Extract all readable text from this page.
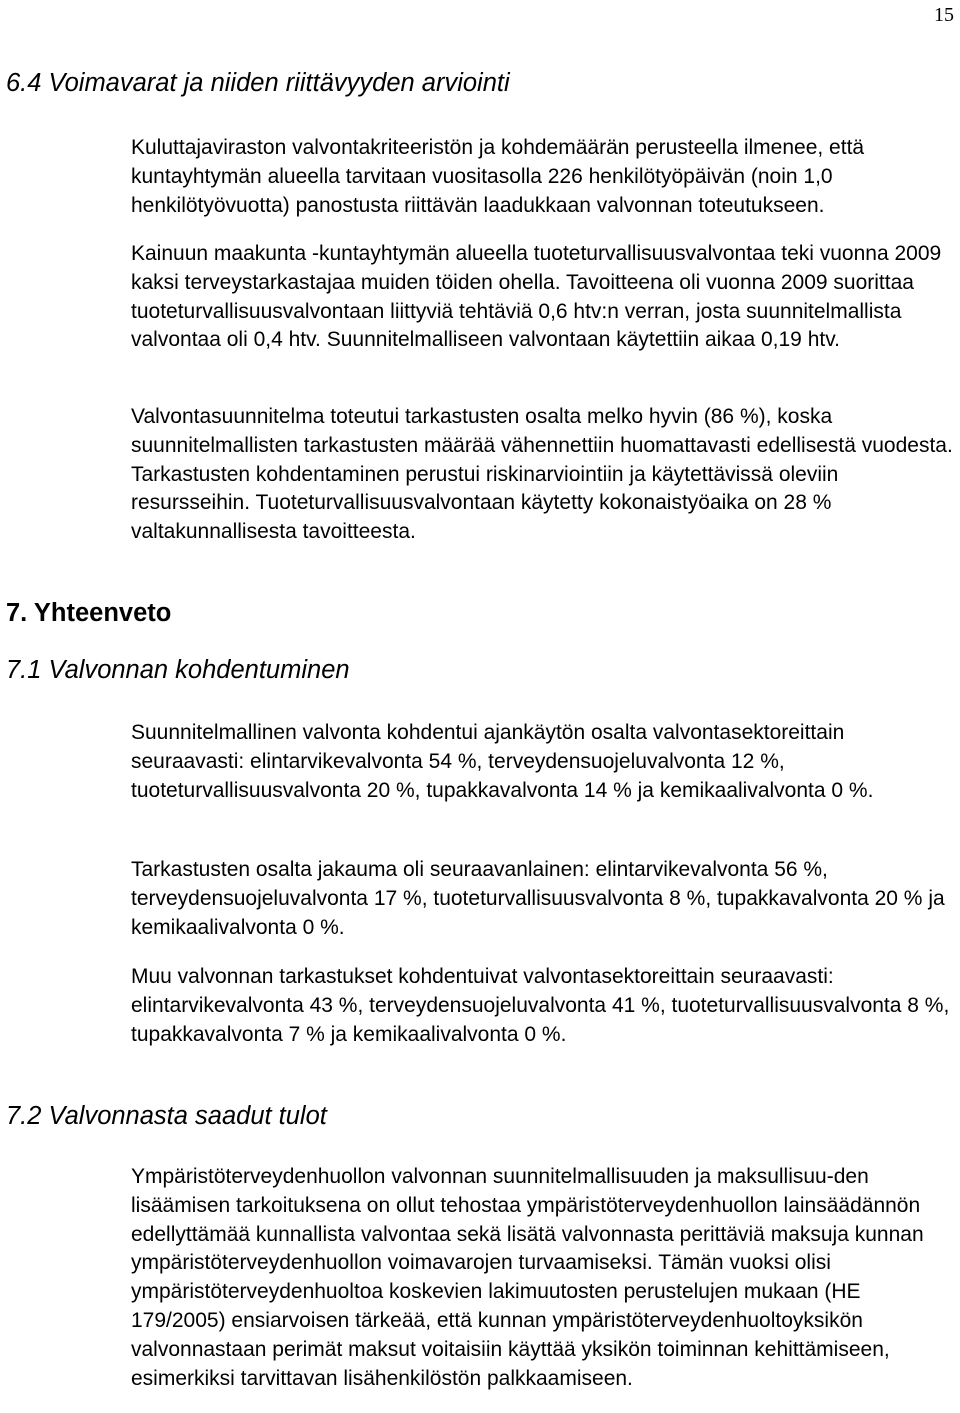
15
6.4 Voimavarat ja niiden riittävyyden arviointi

Kuluttajaviraston valvontakriteeristön ja kohdemäärän perusteella ilmenee, että kuntayhtymän alueella tarvitaan vuositasolla 226 henkilötyöpäivän (noin 1,0 henkilötyövuotta) panostusta riittävän laadukkaan valvonnan toteutukseen.

Kainuun maakunta -kuntayhtymän alueella tuoteturvallisuusvalvontaa teki vuonna 2009 kaksi terveystarkastajaa muiden töiden ohella. Tavoitteena oli vuonna 2009 suorittaa tuoteturvallisuusvalvontaan liittyviä tehtäviä 0,6 htv:n verran, josta suunnitelmallista valvontaa oli 0,4 htv. Suunnitelmalliseen valvontaan käytettiin aikaa 0,19 htv.

Valvontasuunnitelma toteutui tarkastusten osalta melko hyvin (86 %), koska suunnitelmallisten tarkastusten määrää vähennettiin huomattavasti edellisestä vuodesta. Tarkastusten kohdentaminen perustui riskinarviointiin ja käytettävissä oleviin resursseihin. Tuoteturvallisuusvalvontaan käytetty kokonaistyöaika on 28 % valtakunnallisesta tavoitteesta.

7. Yhteenveto
7.1 Valvonnan kohdentuminen

Suunnitelmallinen valvonta kohdentui ajankäytön osalta valvontasektoreittain seuraavasti: elintarvikevalvonta 54 %, terveydensuojeluvalvonta 12 %, tuoteturvallisuusvalvonta 20 %, tupakkavalvonta 14 % ja kemikaalivalvonta 0 %.

Tarkastusten osalta jakauma oli seuraavanlainen: elintarvikevalvonta 56 %, terveydensuojeluvalvonta 17 %, tuoteturvallisuusvalvonta 8 %, tupakkavalvonta 20 % ja kemikaalivalvonta 0 %.

Muu valvonnan tarkastukset kohdentuivat valvontasektoreittain seuraavasti: elintarvikevalvonta 43 %, terveydensuojeluvalvonta 41 %, tuoteturvallisuusvalvonta 8 %, tupakkavalvonta 7 % ja kemikaalivalvonta 0 %.

7.2 Valvonnasta saadut tulot

Ympäristöterveydenhuollon valvonnan suunnitelmallisuuden ja maksullisuu-den lisäämisen tarkoituksena on ollut tehostaa ympäristöterveydenhuollon lainsäädännön edellyttämää kunnallista valvontaa sekä lisätä valvonnasta perittäviä maksuja kunnan ympäristöterveydenhuollon voimavarojen turvaamiseksi. Tämän vuoksi olisi ympäristöterveydenhuoltoa koskevien lakimuutosten perustelujen mukaan (HE 179/2005) ensiarvoisen tärkeää, että kunnan ympäristöterveydenhuoltoyksikön valvonnastaan perimät maksut voitaisiin käyttää yksikön toiminnan kehittämiseen, esimerkiksi tarvittavan lisähenkilöstön palkkaamiseen.
